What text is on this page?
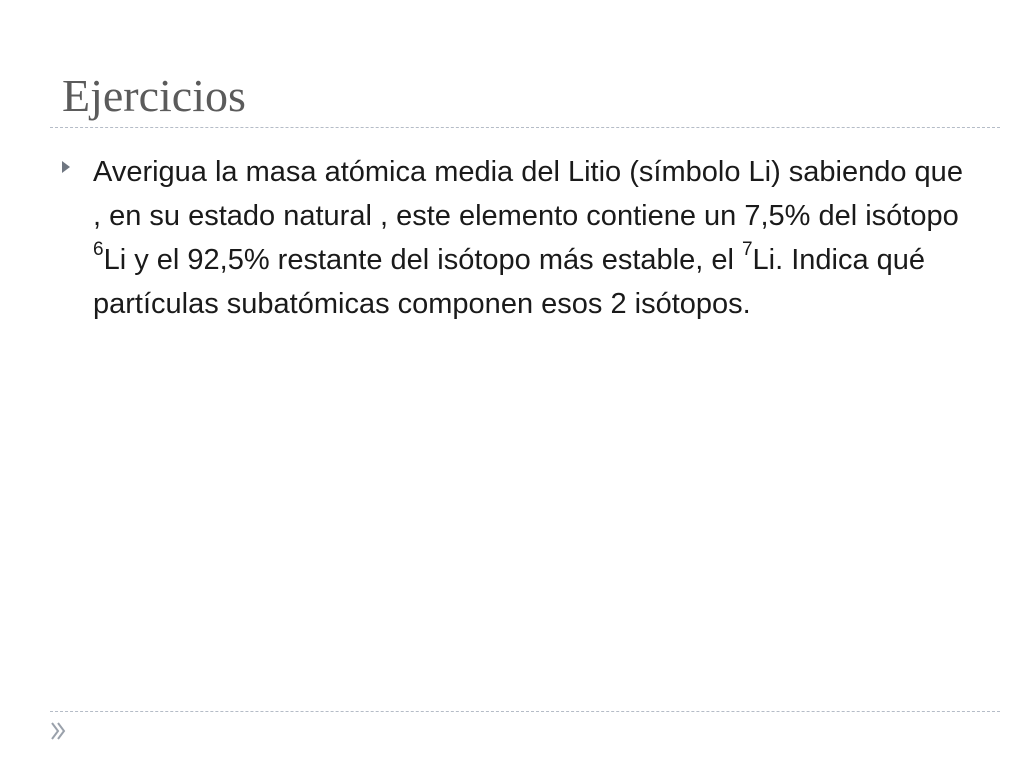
Ejercicios

Averigua la masa atómica media del Litio (símbolo Li) sabiendo que , en su estado natural , este elemento contiene un 7,5% del isótopo $^6$Li y el 92,5% restante del isótopo más estable, el $^7$Li. Indica qué partículas subatómicas componen esos 2 isótopos.
